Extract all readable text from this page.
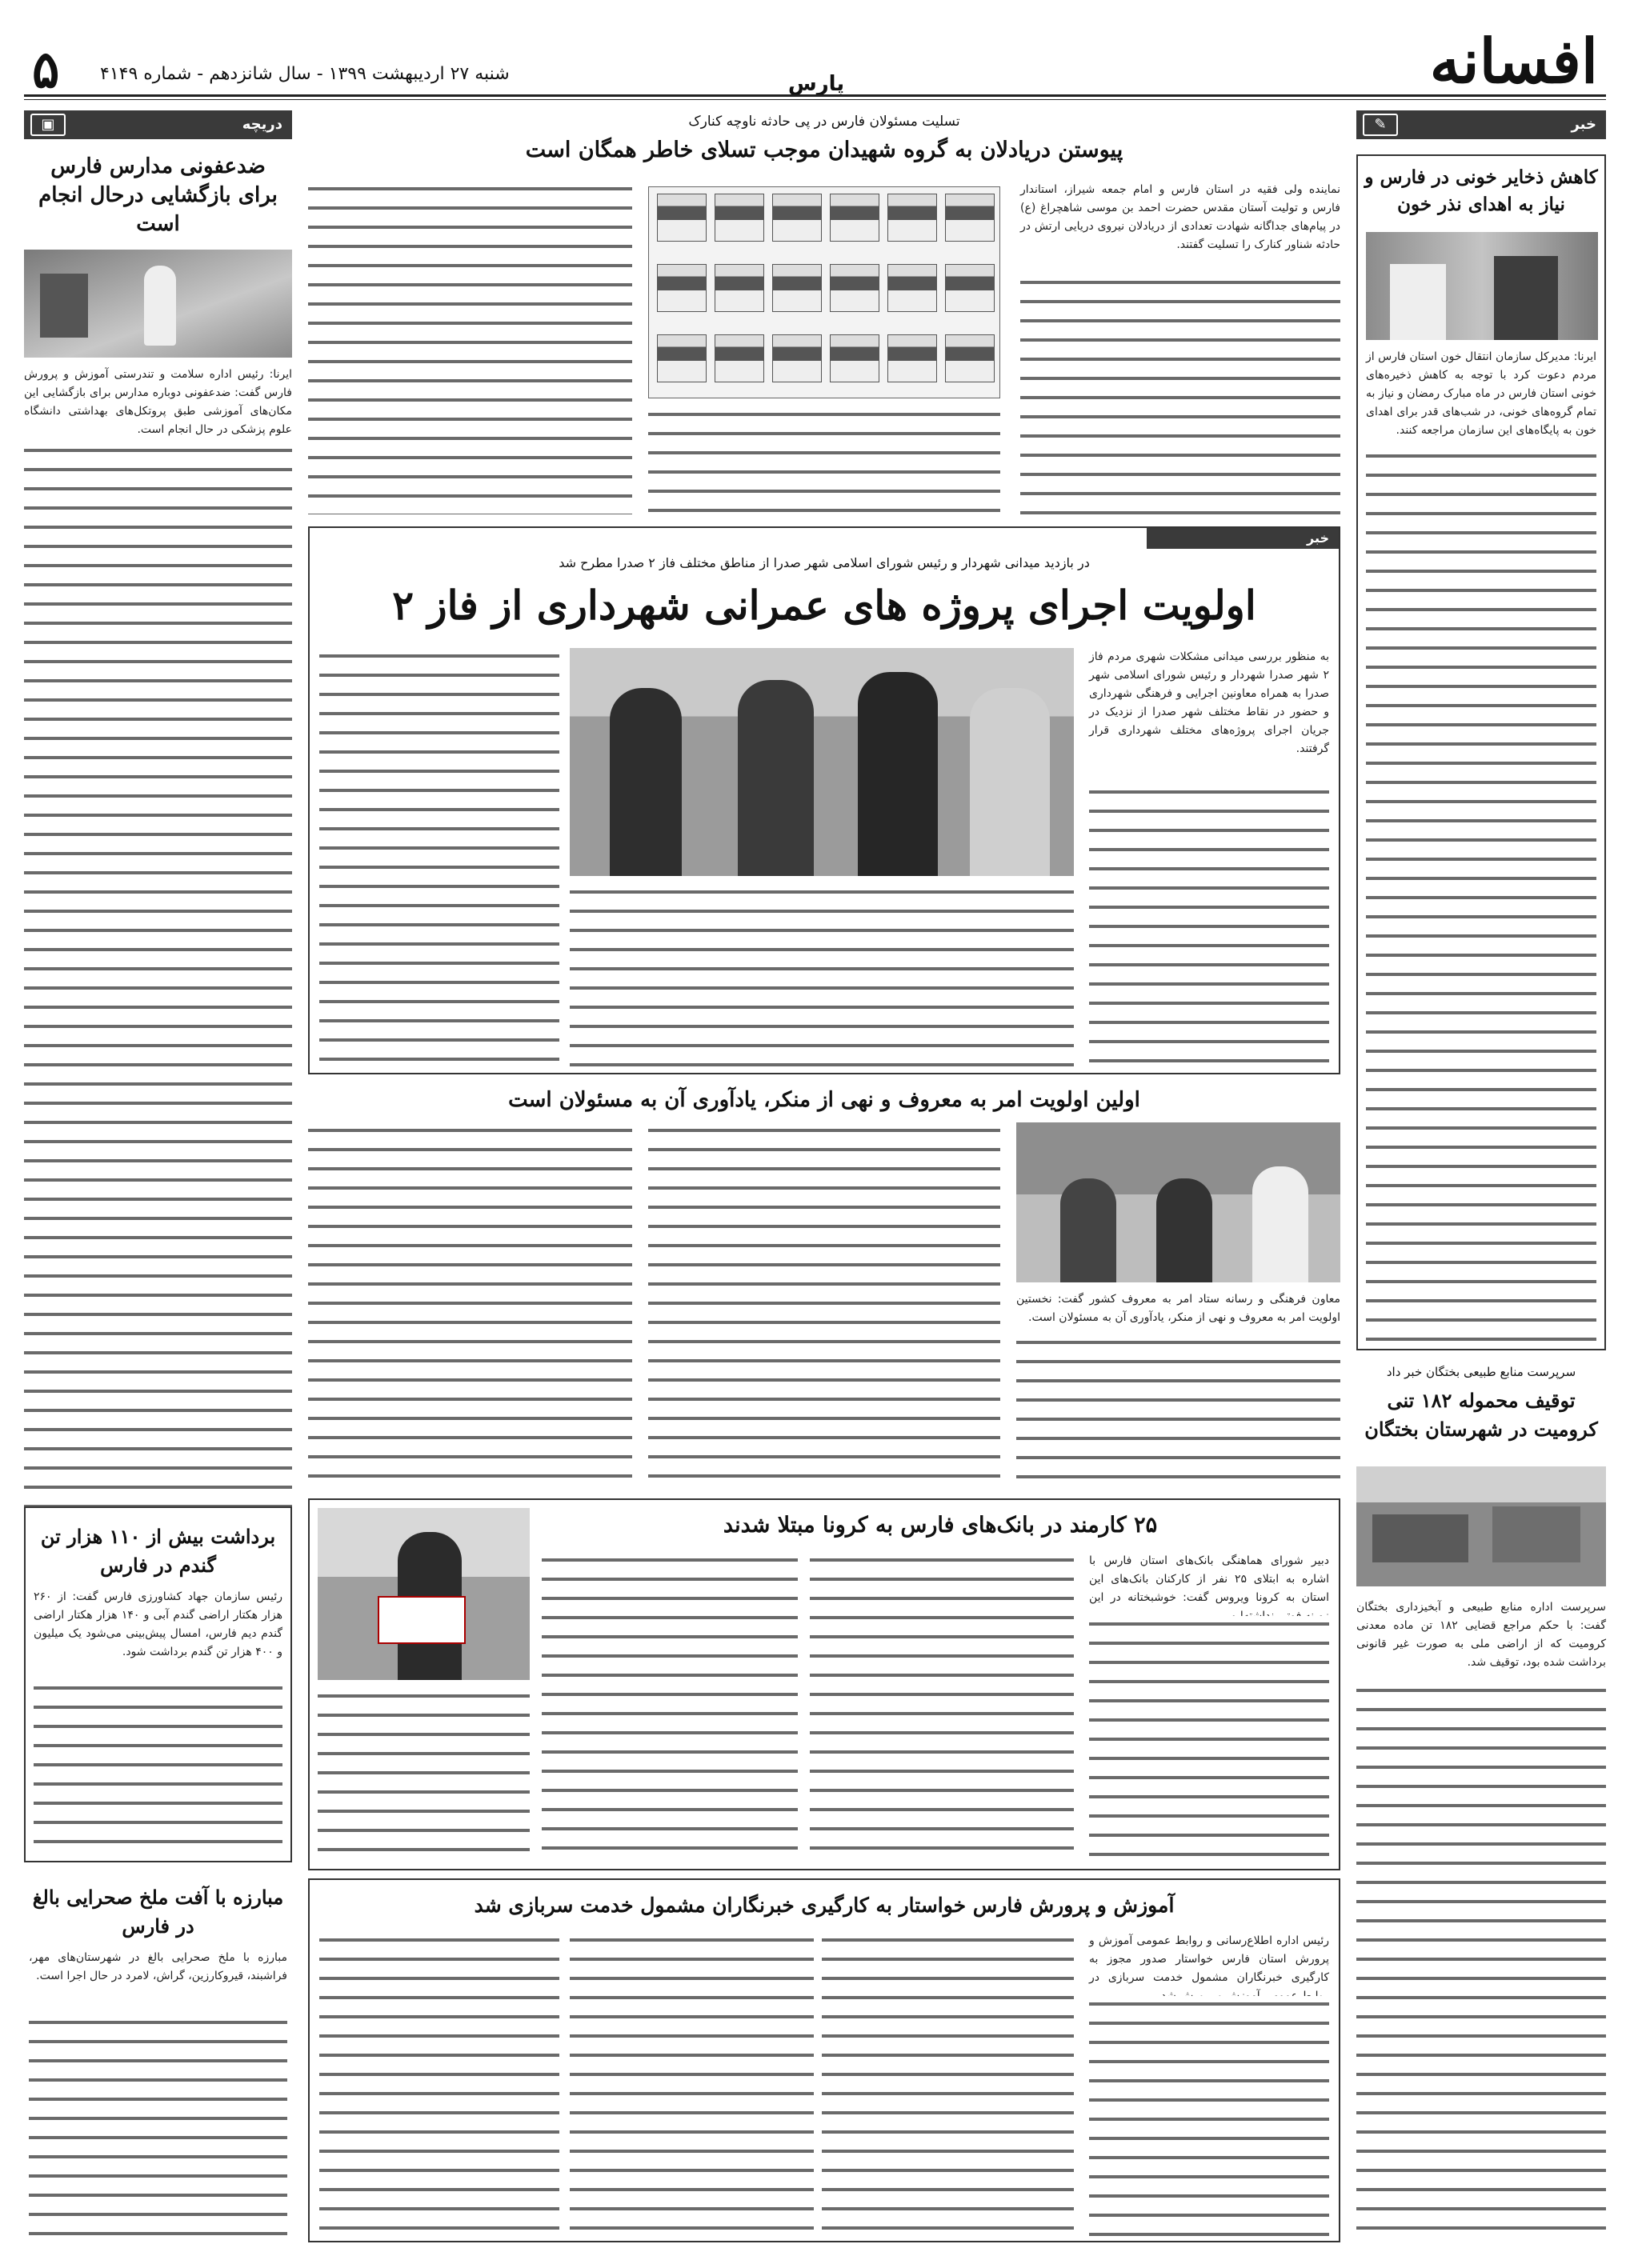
افسانه
پارس
شنبه ۲۷ اردیبهشت ۱۳۹۹ - سال شانزدهم - شماره ۴۱۴۹
۵
دریچه
▣
ضدعفونی مدارس فارس برای بازگشایی درحال انجام است
ایرنا: رئیس اداره سلامت و تندرستی آموزش و پرورش فارس گفت: ضدعفونی دوباره مدارس برای بازگشایی این مکان‌های آموزشی طبق پروتکل‌های بهداشتی دانشگاه علوم پزشکی در حال انجام است.
برداشت بیش از ۱۱۰ هزار تن گندم در فارس
رئیس سازمان جهاد کشاورزی فارس گفت: از ۲۶۰ هزار هکتار اراضی گندم آبی و ۱۴۰ هزار هکتار اراضی گندم دیم فارس، امسال پیش‌بینی می‌شود یک میلیون و ۴۰۰ هزار تن گندم برداشت شود.
مبارزه با آفت ملخ صحرایی بالغ در فارس
مبارزه با ملخ صحرایی بالغ در شهرستان‌های مهر، فراشبند، قیروکارزین، گراش، لامرد در حال اجرا است.
تسلیت مسئولان فارس در پی حادثه ناوچه کنارک
پیوستن دریادلان به گروه شهیدان موجب تسلای خاطر همگان است
نماینده ولی فقیه در استان فارس و امام جمعه شیراز، استاندار فارس و تولیت آستان مقدس حضرت احمد بن موسی شاهچراغ (ع) در پیام‌های جداگانه شهادت تعدادی از دریادلان نیروی دریایی ارتش در حادثه شناور کنارک را تسلیت گفتند.
خبر
در بازدید میدانی شهردار و رئیس شورای اسلامی شهر صدرا از مناطق مختلف فاز ۲ صدرا مطرح شد
اولویت اجرای پروژه های عمرانی شهرداری از فاز ۲
به منظور بررسی میدانی مشکلات شهری مردم فاز ۲ شهر صدرا شهردار و رئیس شورای اسلامی شهر صدرا به همراه معاونین اجرایی و فرهنگی شهرداری و حضور در نقاط مختلف شهر صدرا از نزدیک در جریان اجرای پروژه‌های مختلف شهرداری قرار گرفتند.
اولین اولویت امر به معروف و نهی از منکر، یادآوری آن به مسئولان است
معاون فرهنگی و رسانه ستاد امر به معروف کشور گفت: نخستین اولویت امر به معروف و نهی از منکر، یادآوری آن به مسئولان است.
۲۵ کارمند در بانک‌های فارس به کرونا مبتلا شدند
دبیر شورای هماهنگی بانک‌های استان فارس با اشاره به ابتلای ۲۵ نفر از کارکنان بانک‌های این استان به کرونا ویروس گفت: خوشبختانه در این
آموزش و پرورش فارس خواستار به کارگیری خبرنگاران مشمول خدمت سربازی شد
رئیس اداره اطلاع‌رسانی و روابط عمومی آموزش و پرورش استان فارس خواستار صدور مجوز به کارگیری خبرنگاران مشمول خدمت سربازی در
خبر
✎
کاهش ذخایر خونی در فارس و نیاز به اهدای نذر خون
ایرنا: مدیرکل سازمان انتقال خون استان فارس از مردم دعوت کرد با توجه به کاهش ذخیره‌های خونی استان فارس در ماه مبارک رمضان و نیاز به تمام گروه‌های خونی، در شب‌های قدر برای اهدای خون به پایگاه‌های این سازمان مراجعه کنند.
سرپرست منابع طبیعی بختگان خبر داد
توقیف محموله ۱۸۲ تنی کرومیت در شهرستان بختگان
سرپرست اداره منابع طبیعی و آبخیزداری بختگان گفت: با حکم مراجع قضایی ۱۸۲ تن ماده معدنی کرومیت که از اراضی ملی به صورت غیر قانونی برداشت شده بود، توقیف شد.
